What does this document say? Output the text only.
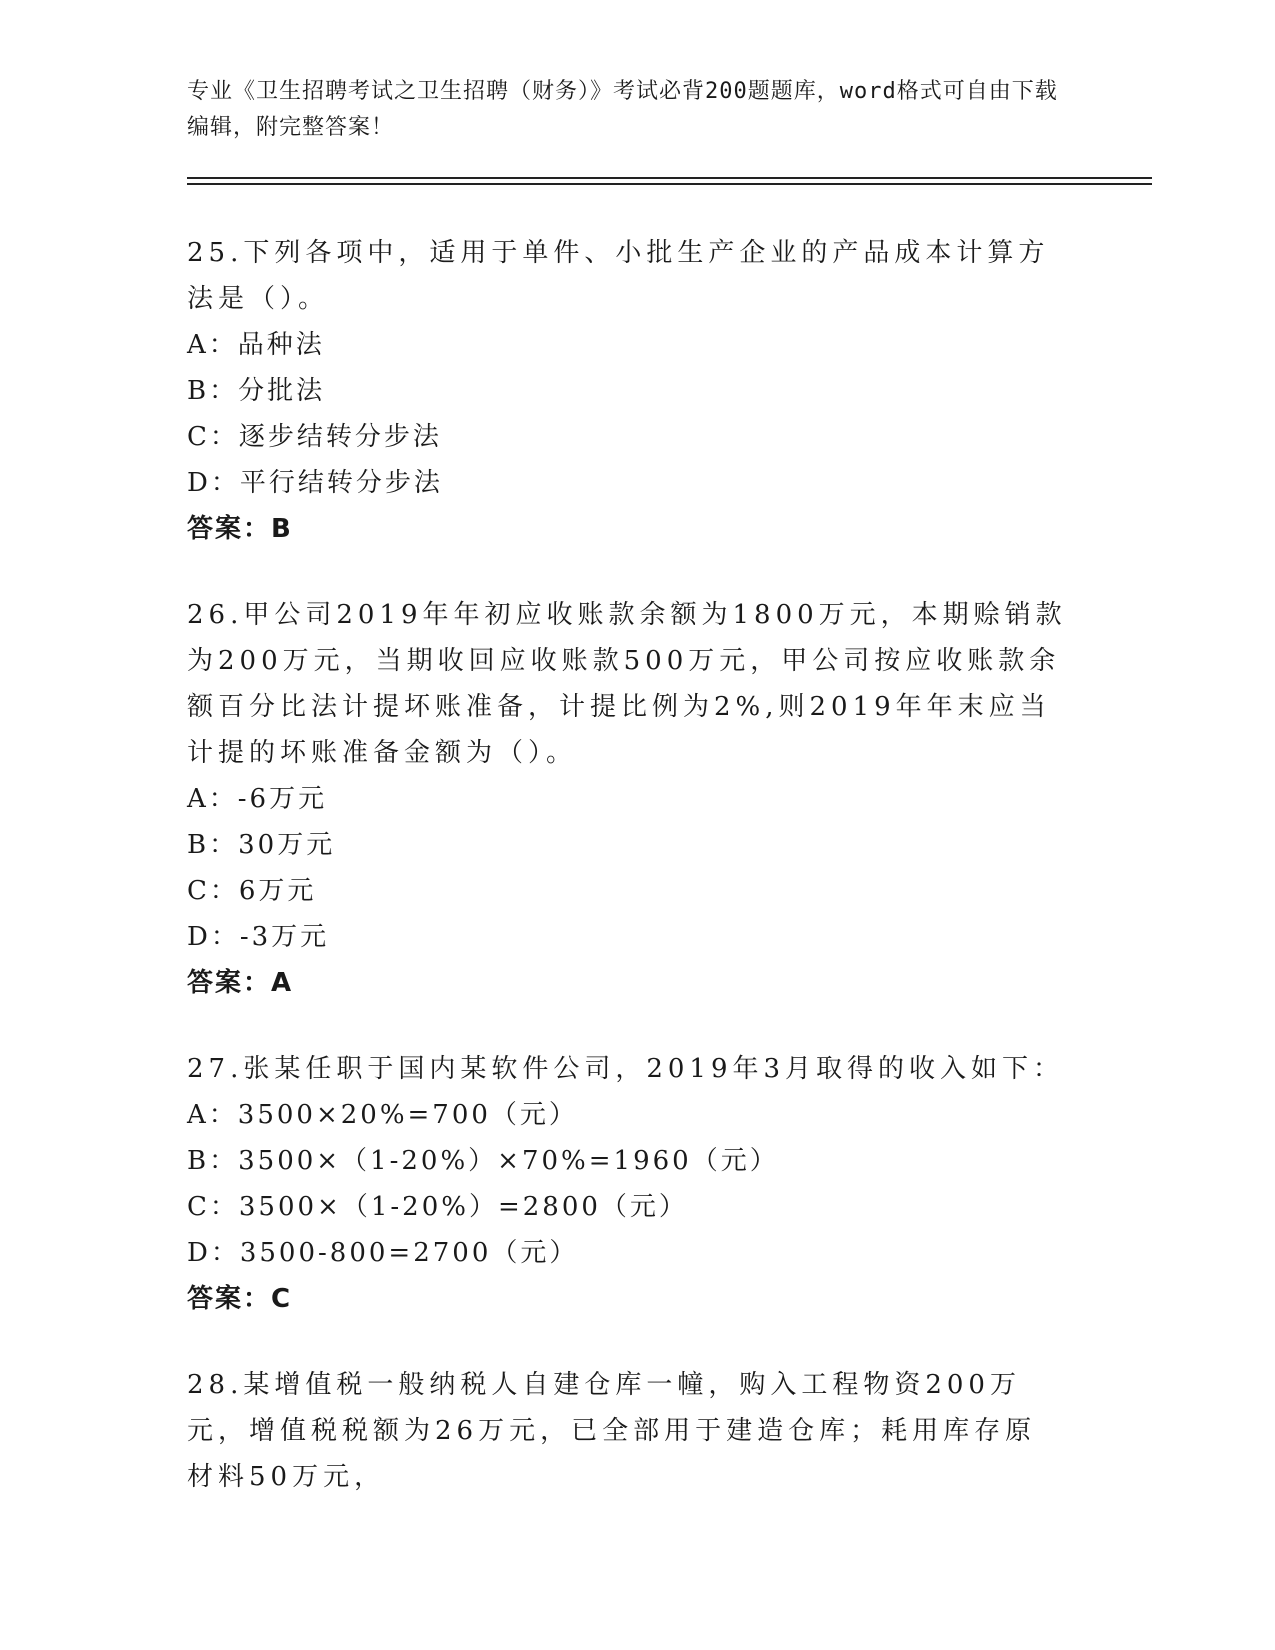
专业《卫生招聘考试之卫生招聘（财务）》考试必背200题题库，word格式可自由下载编辑，附完整答案！
25.下列各项中，适用于单件、小批生产企业的产品成本计算方法是（）。
A：品种法
B：分批法
C：逐步结转分步法
D：平行结转分步法
答案：B
26.甲公司2019年年初应收账款余额为1800万元，本期赊销款为200万元，当期收回应收账款500万元，甲公司按应收账款余额百分比法计提坏账准备，计提比例为2%,则2019年年末应当计提的坏账准备金额为（）。
A：-6万元
B：30万元
C：6万元
D：-3万元
答案：A
27.张某任职于国内某软件公司，2019年3月取得的收入如下：
A：3500×20%=700（元）
B：3500×（1-20%）×70%=1960（元）
C：3500×（1-20%）=2800（元）
D：3500-800=2700（元）
答案：C
28.某增值税一般纳税人自建仓库一幢，购入工程物资200万元，增值税税额为26万元，已全部用于建造仓库；耗用库存原材料50万元，
